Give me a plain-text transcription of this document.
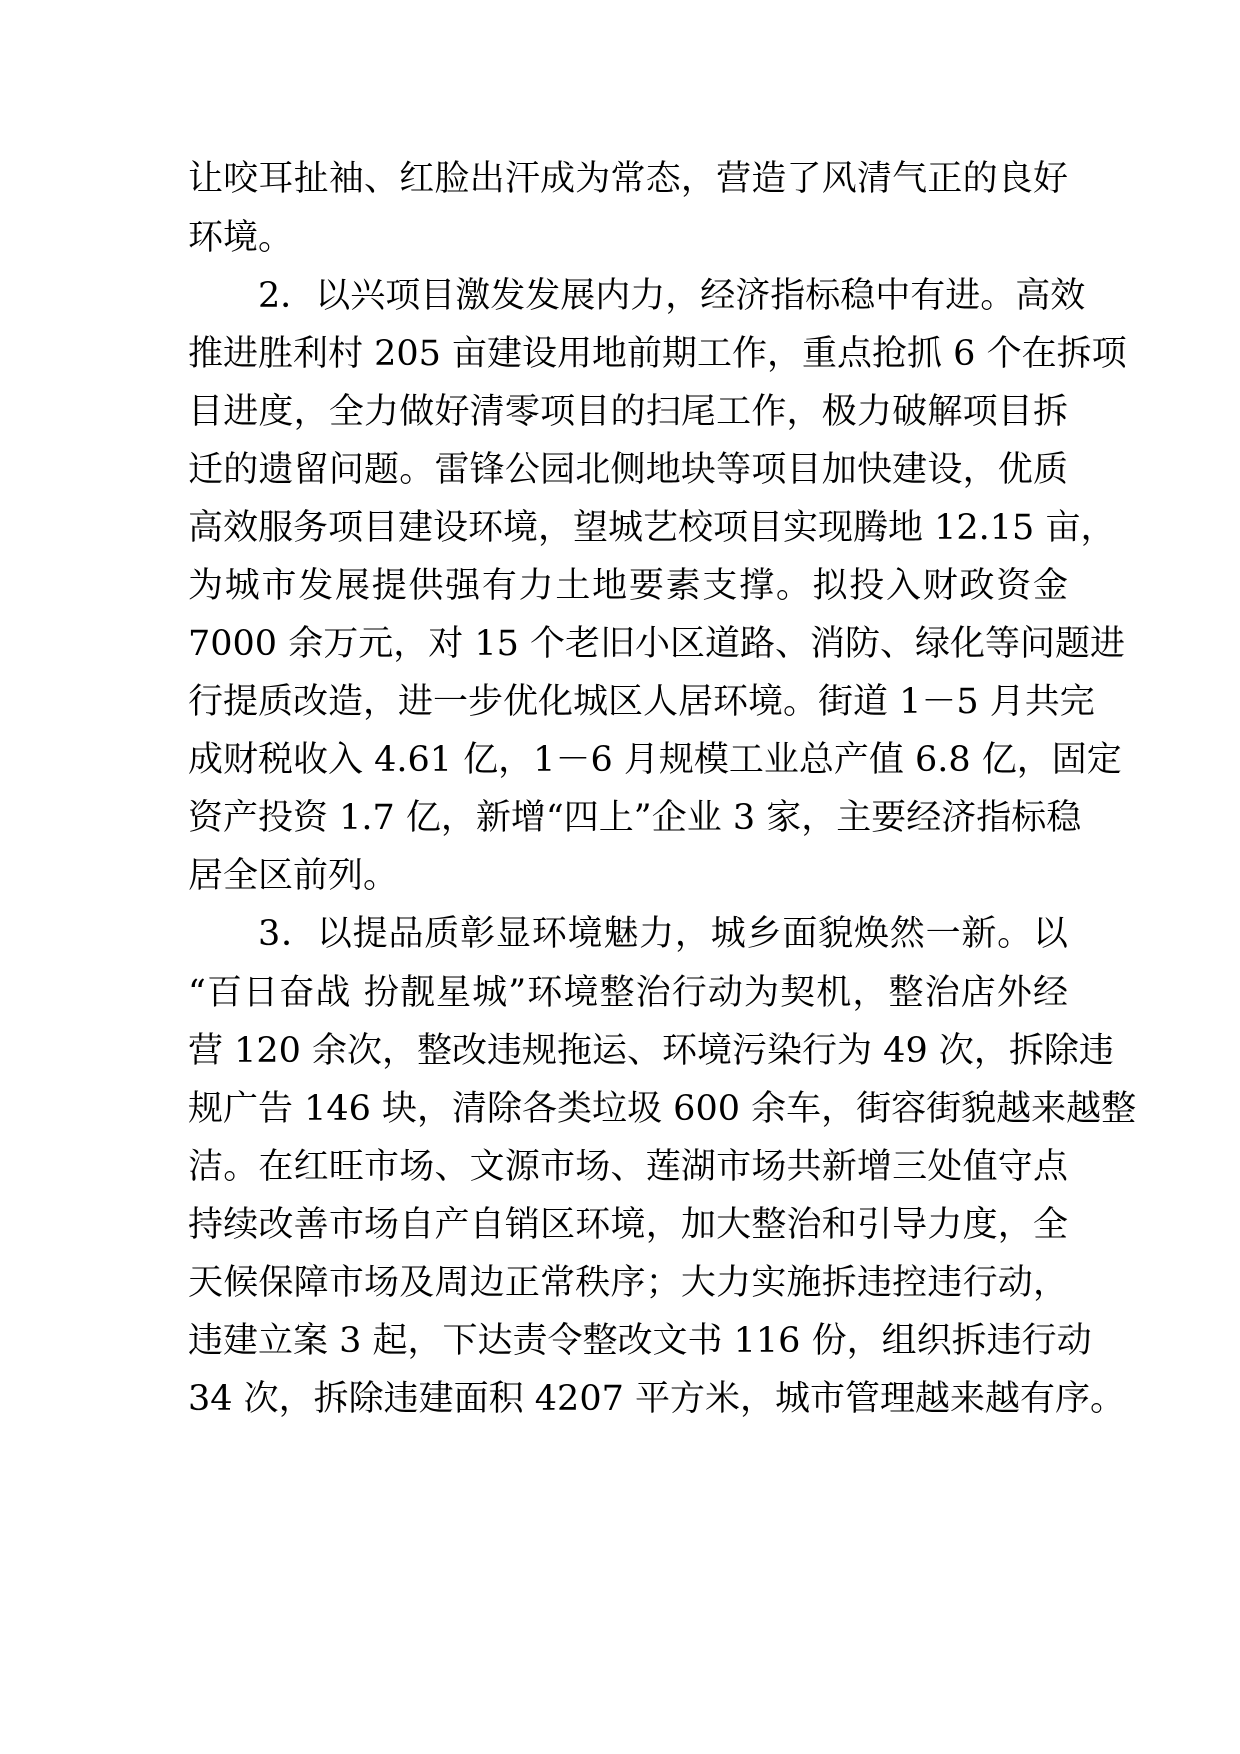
让咬耳扯袖、红脸出汗成为常态，营造了风清气正的良好
环境。
2．以兴项目激发发展内力，经济指标稳中有进。高效
推进胜利村 205 亩建设用地前期工作，重点抢抓 6 个在拆项
目进度，全力做好清零项目的扫尾工作，极力破解项目拆
迁的遗留问题。雷锋公园北侧地块等项目加快建设，优质
高效服务项目建设环境，望城艺校项目实现腾地 12.15 亩，
为城市发展提供强有力土地要素支撑。拟投入财政资金
7000 余万元，对 15 个老旧小区道路、消防、绿化等问题进
行提质改造，进一步优化城区人居环境。街道 1－5 月共完
成财税收入 4.61 亿，1－6 月规模工业总产值 6.8 亿，固定
资产投资 1.7 亿，新增“四上”企业 3 家，主要经济指标稳
居全区前列。
3．以提品质彰显环境魅力，城乡面貌焕然一新。以
“百日奋战 扮靓星城”环境整治行动为契机，整治店外经
营 120 余次，整改违规拖运、环境污染行为 49 次，拆除违
规广告 146 块，清除各类垃圾 600 余车，街容街貌越来越整
洁。在红旺市场、文源市场、莲湖市场共新增三处值守点
持续改善市场自产自销区环境，加大整治和引导力度，全
天候保障市场及周边正常秩序；大力实施拆违控违行动，
违建立案 3 起，下达责令整改文书 116 份，组织拆违行动
34 次，拆除违建面积 4207 平方米，城市管理越来越有序。
